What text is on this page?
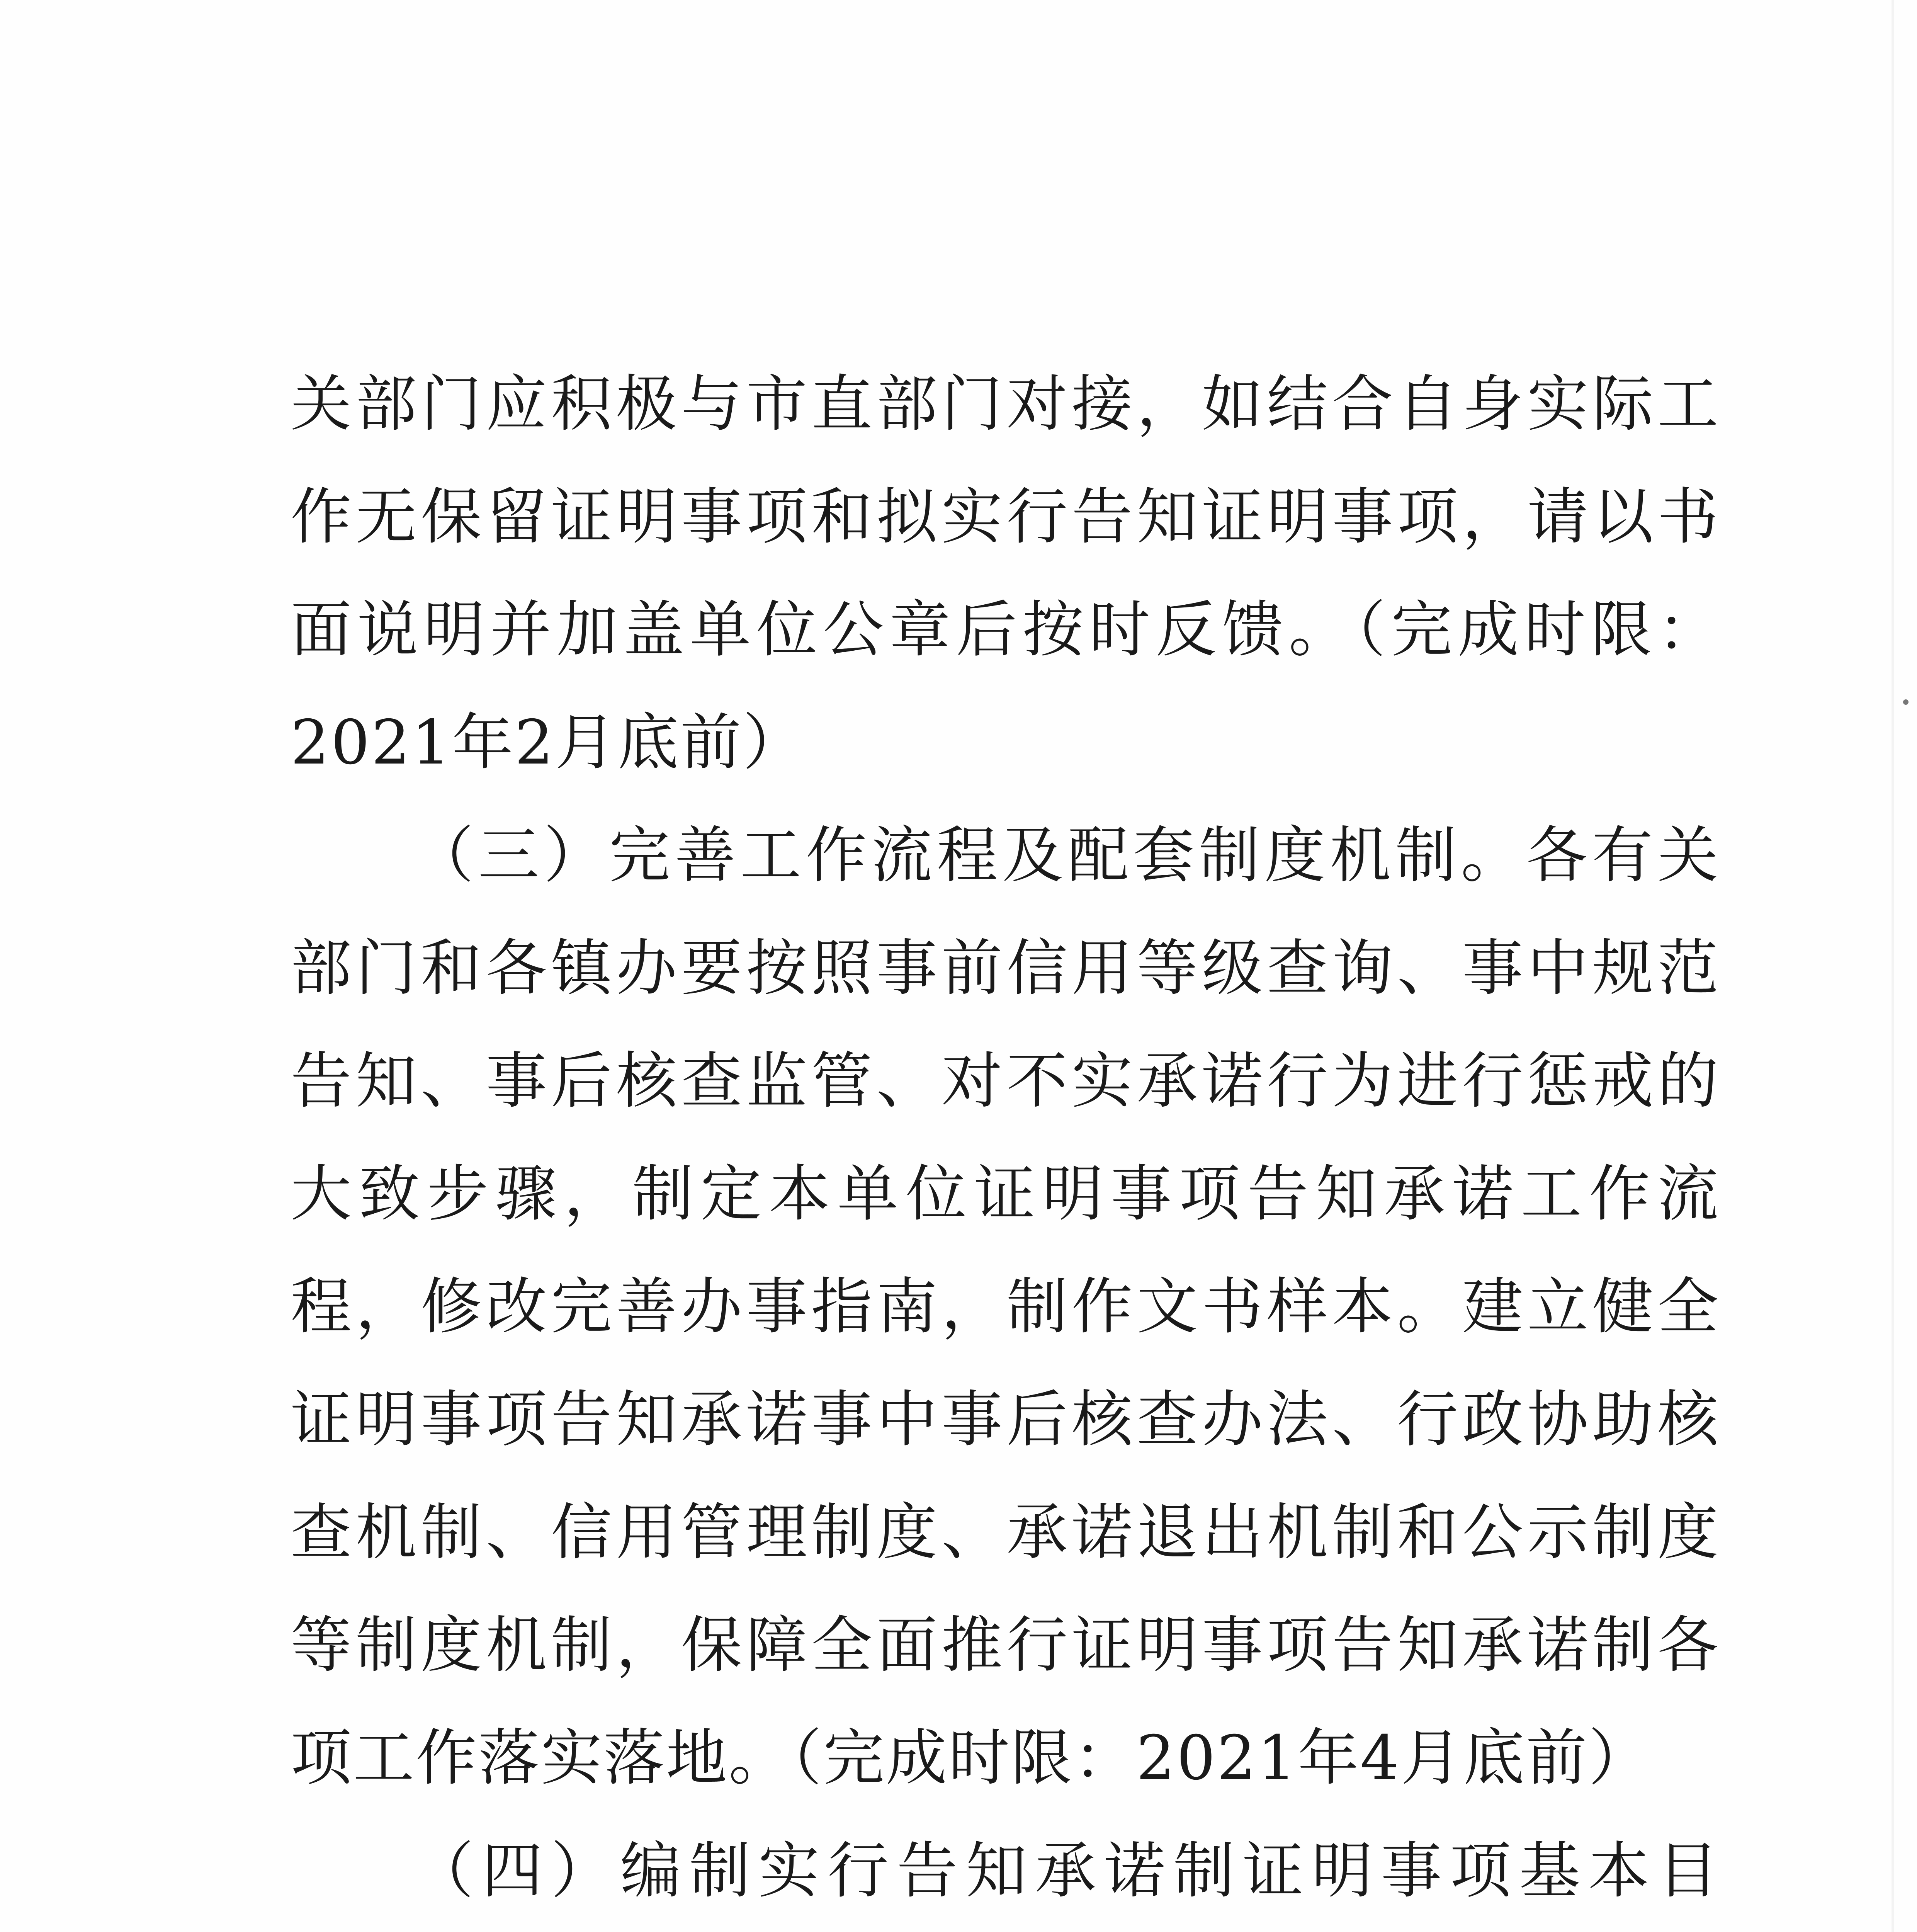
关部门应积极与市直部门对接，如结合自身实际工作无保留证明事项和拟实行告知证明事项，请以书面说明并加盖单位公章后按时反馈。（完成时限：2021年2月底前）

（三）完善工作流程及配套制度机制。各有关部门和各镇办要按照事前信用等级查询、事中规范告知、事后核查监管、对不实承诺行为进行惩戒的大致步骤，制定本单位证明事项告知承诺工作流程，修改完善办事指南，制作文书样本。建立健全证明事项告知承诺事中事后核查办法、行政协助核查机制、信用管理制度、承诺退出机制和公示制度等制度机制，保障全面推行证明事项告知承诺制各项工作落实落地。（完成时限：2021年4月底前）

（四）编制实行告知承诺制证明事项基本目
